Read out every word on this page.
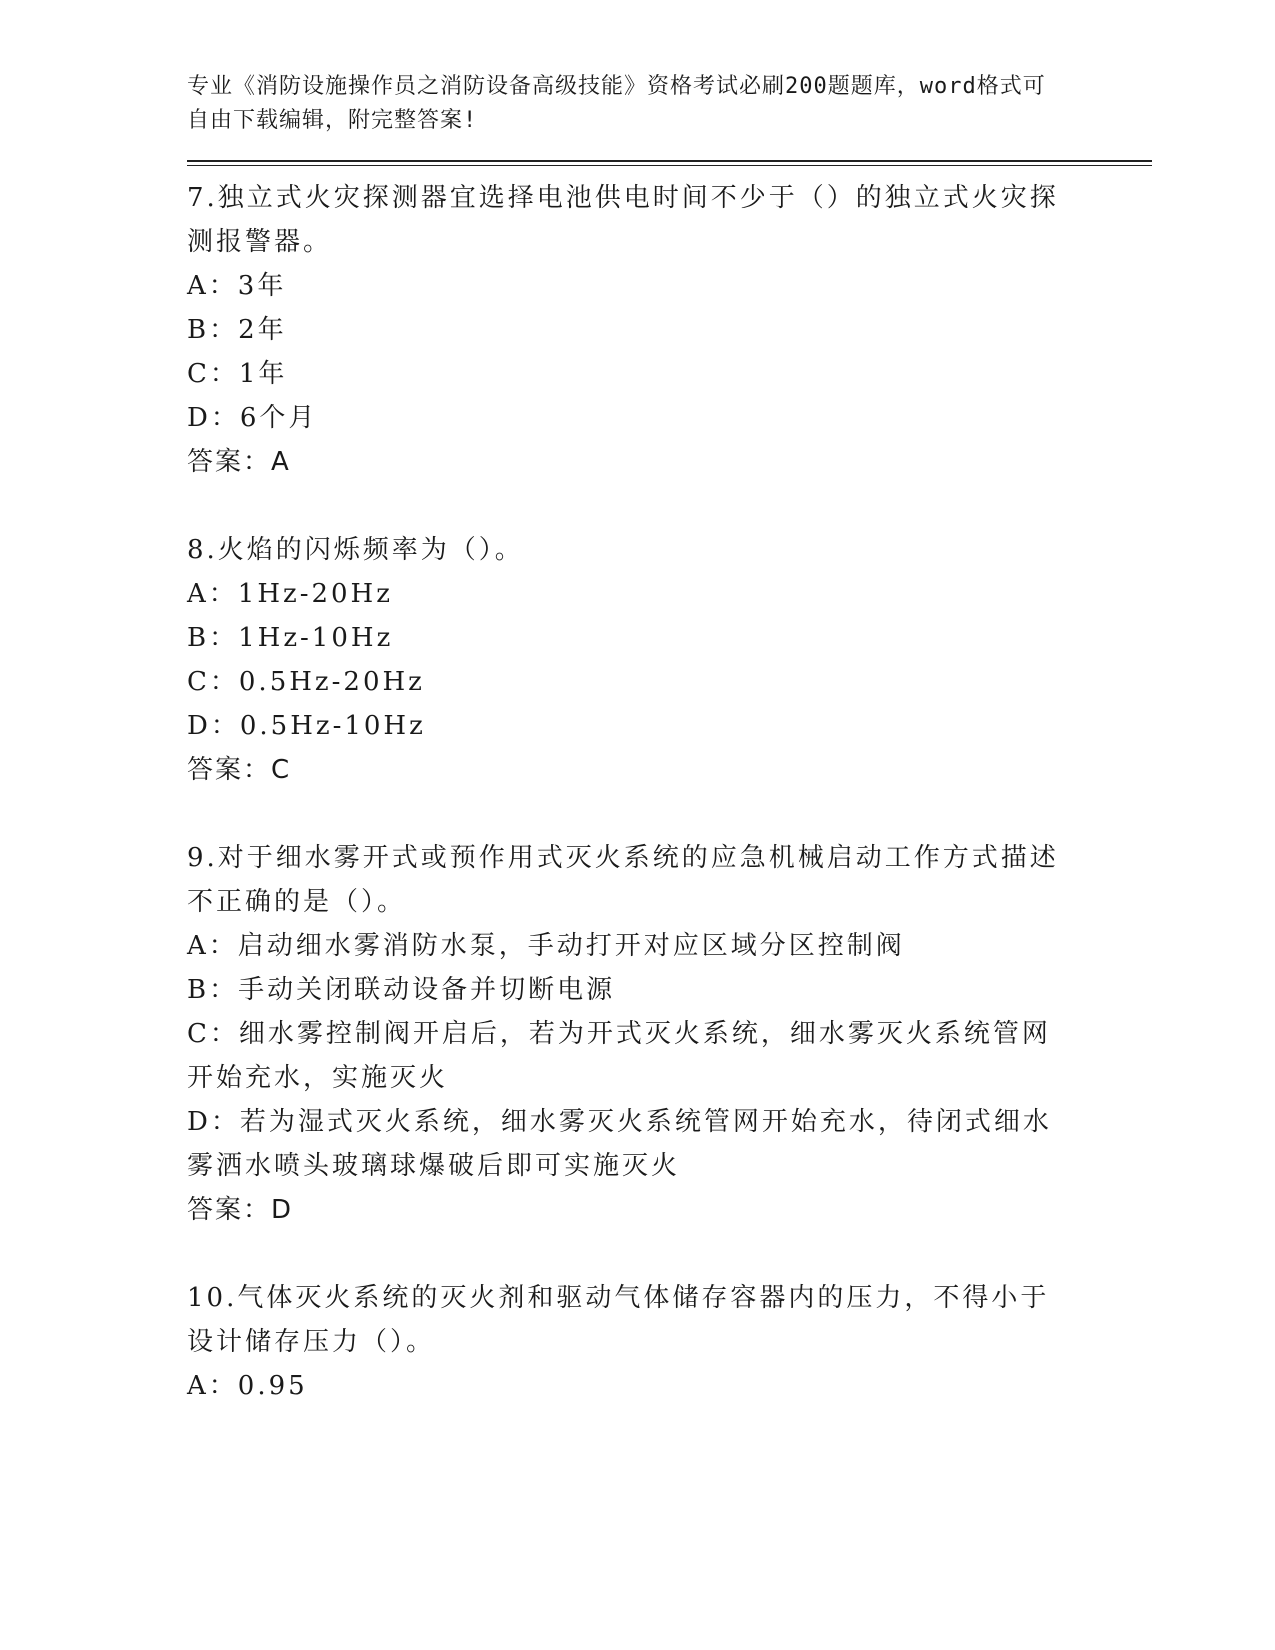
专业《消防设施操作员之消防设备高级技能》资格考试必刷200题题库，word格式可自由下载编辑，附完整答案!

7.独立式火灾探测器宜选择电池供电时间不少于（）的独立式火灾探测报警器。

A：3年

B：2年

C：1年

D：6个月

答案：A

8.火焰的闪烁频率为（）。

A：1Hz-20Hz

B：1Hz-10Hz

C：0.5Hz-20Hz

D：0.5Hz-10Hz

答案：C

9.对于细水雾开式或预作用式灭火系统的应急机械启动工作方式描述不正确的是（）。

A：启动细水雾消防水泵，手动打开对应区域分区控制阀

B：手动关闭联动设备并切断电源

C：细水雾控制阀开启后，若为开式灭火系统，细水雾灭火系统管网开始充水，实施灭火

D：若为湿式灭火系统，细水雾灭火系统管网开始充水，待闭式细水雾洒水喷头玻璃球爆破后即可实施灭火

答案：D

10.气体灭火系统的灭火剂和驱动气体储存容器内的压力，不得小于设计储存压力（）。

A：0.95
